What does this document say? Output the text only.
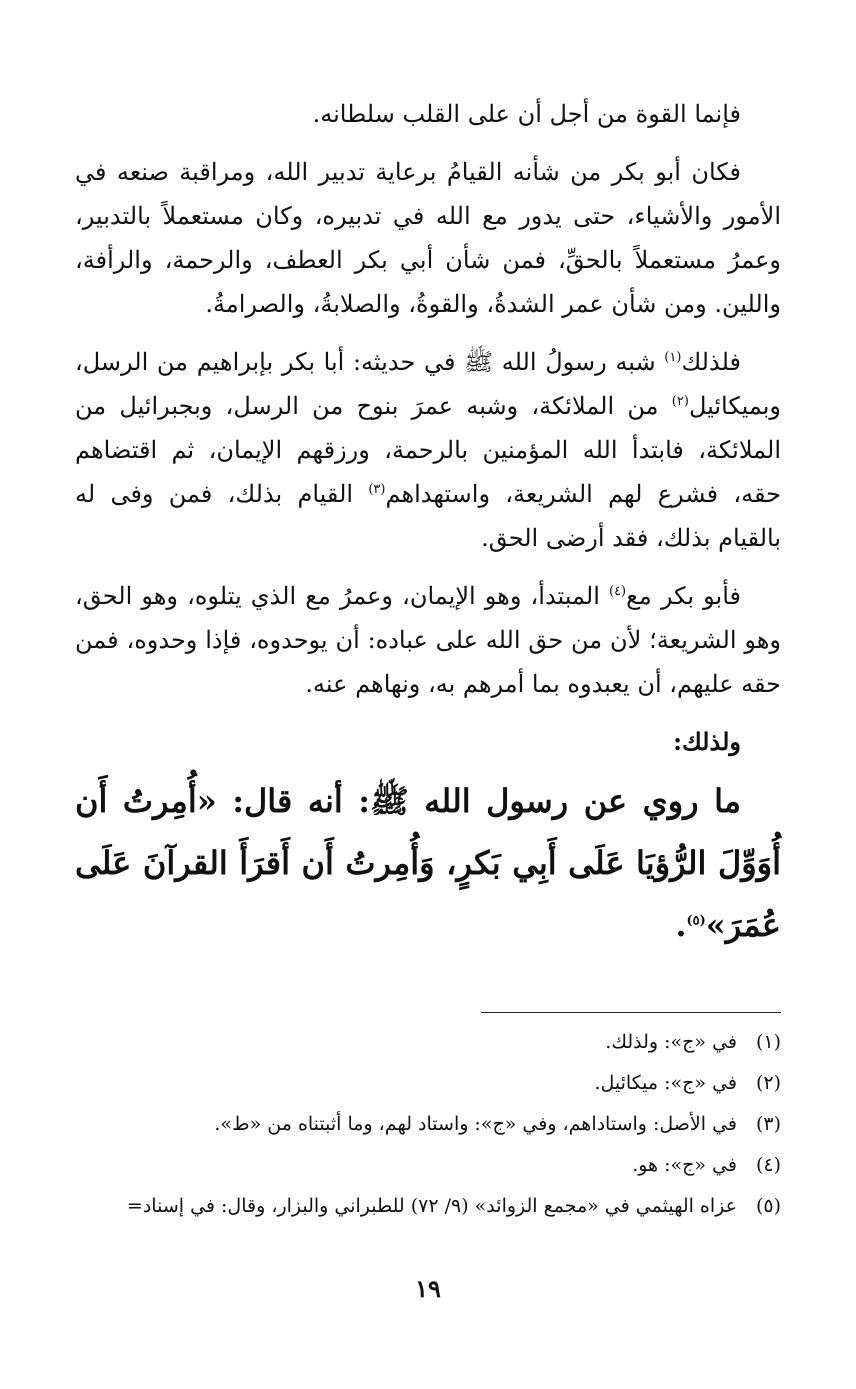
فإنما القوة من أجل أن على القلب سلطانه.

فكان أبو بكر من شأنه القيامُ برعاية تدبير الله، ومراقبة صنعه في الأمور والأشياء، حتى يدور مع الله في تدبيره، وكان مستعملاً بالتدبير، وعمرُ مستعملاً بالحقِّ، فمن شأن أبي بكر العطف، والرحمة، والرأفة، واللين. ومن شأن عمر الشدةُ، والقوةُ، والصلابةُ، والصرامةُ.

فلذلك$^{(١)}$ شبه رسولُ الله ﷺ في حديثه: أبا بكر بإبراهيم من الرسل، وبميكائيل$^{(٢)}$ من الملائكة، وشبه عمرَ بنوح من الرسل، وبجبرائيل من الملائكة، فابتدأ الله المؤمنين بالرحمة، ورزقهم الإيمان، ثم اقتضاهم حقه، فشرع لهم الشريعة، واستهداهم$^{(٣)}$ القيام بذلك، فمن وفى له بالقيام بذلك، فقد أرضى الحق.

فأبو بكر مع$^{(٤)}$ المبتدأ، وهو الإيمان، وعمرُ مع الذي يتلوه، وهو الحق، وهو الشريعة؛ لأن من حق الله على عباده: أن يوحدوه، فإذا وحدوه، فمن حقه عليهم، أن يعبدوه بما أمرهم به، ونهاهم عنه.

ولذلك:

ما روي عن رسول الله ﷺ: أنه قال: «أُمِرتُ أَن أُوَوِّلَ الرُّؤيَا عَلَى أَبِي بَكرٍ، وَأُمِرتُ أَن أَقرَأَ القرآنَ عَلَى عُمَرَ»$^{(٥)}$.

(١)في «ج»: ولذلك.

(٢)في «ج»: ميكائيل.

(٣)في الأصل: واستاداهم، وفي «ج»: واستاد لهم، وما أثبتناه من «ط».

(٤)في «ج»: هو.

(٥)عزاه الهيثمي في «مجمع الزوائد» (٩/ ٧٢) للطبراني والبزار، وقال: في إسناد=

١٩
